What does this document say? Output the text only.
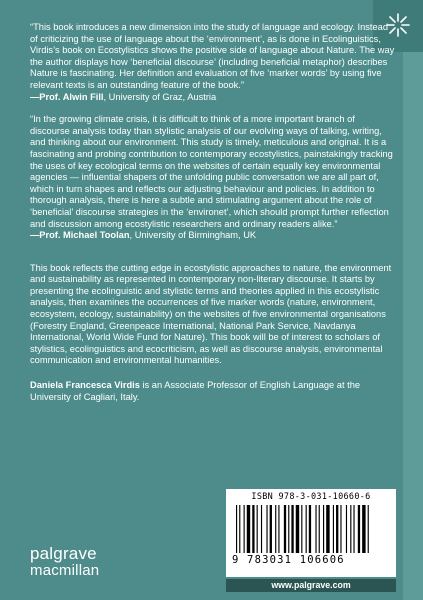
“This book introduces a new dimension into the study of language and ecology. Instead of criticizing the use of language about the ‘environment’, as is done in Ecolinguistics, Virdis’s book on Ecostylistics shows the positive side of language about Nature. The way the author displays how ‘beneficial discourse’ (including beneficial metaphor) describes Nature is fascinating. Her definition and evaluation of five ‘marker words’ by using five relevant texts is an outstanding feature of the book.”

—Prof. Alwin Fill, University of Graz, Austria

“In the growing climate crisis, it is difficult to think of a more important branch of discourse analysis today than stylistic analysis of our evolving ways of talking, writing, and thinking about our environment. This study is timely, meticulous and original. It is a fascinating and probing contribution to contemporary ecostylistics, painstakingly tracking the uses of key ecological terms on the websites of certain equally key environmental agencies — influential shapers of the unfolding public conversation we are all part of, which in turn shapes and reflects our adjusting behaviour and policies. In addition to thorough analysis, there is here a subtle and stimulating argument about the role of ‘beneficial’ discourse strategies in the ‘environet’, which should prompt further reflection and discussion among ecostylistic researchers and ordinary readers alike.”

—Prof. Michael Toolan, University of Birmingham, UK

This book reflects the cutting edge in ecostylistic approaches to nature, the environment and sustainability as represented in contemporary non-literary discourse. It starts by presenting the ecolinguistic and stylistic terms and theories applied in this ecostylistic analysis, then examines the occurrences of five marker words (nature, environment, ecosystem, ecology, sustainability) on the websites of five environmental organisations (Forestry England, Greenpeace International, National Park Service, Navdanya International, World Wide Fund for Nature). This book will be of interest to scholars of stylistics, ecolinguistics and ecocriticism, as well as discourse analysis, environmental communication and environmental humanities.

Daniela Francesca Virdis is an Associate Professor of English Language at the University of Cagliari, Italy.

ISBN 978-3-031-10660-6
9 783031 106606
www.palgrave.com
palgrave
macmillan
